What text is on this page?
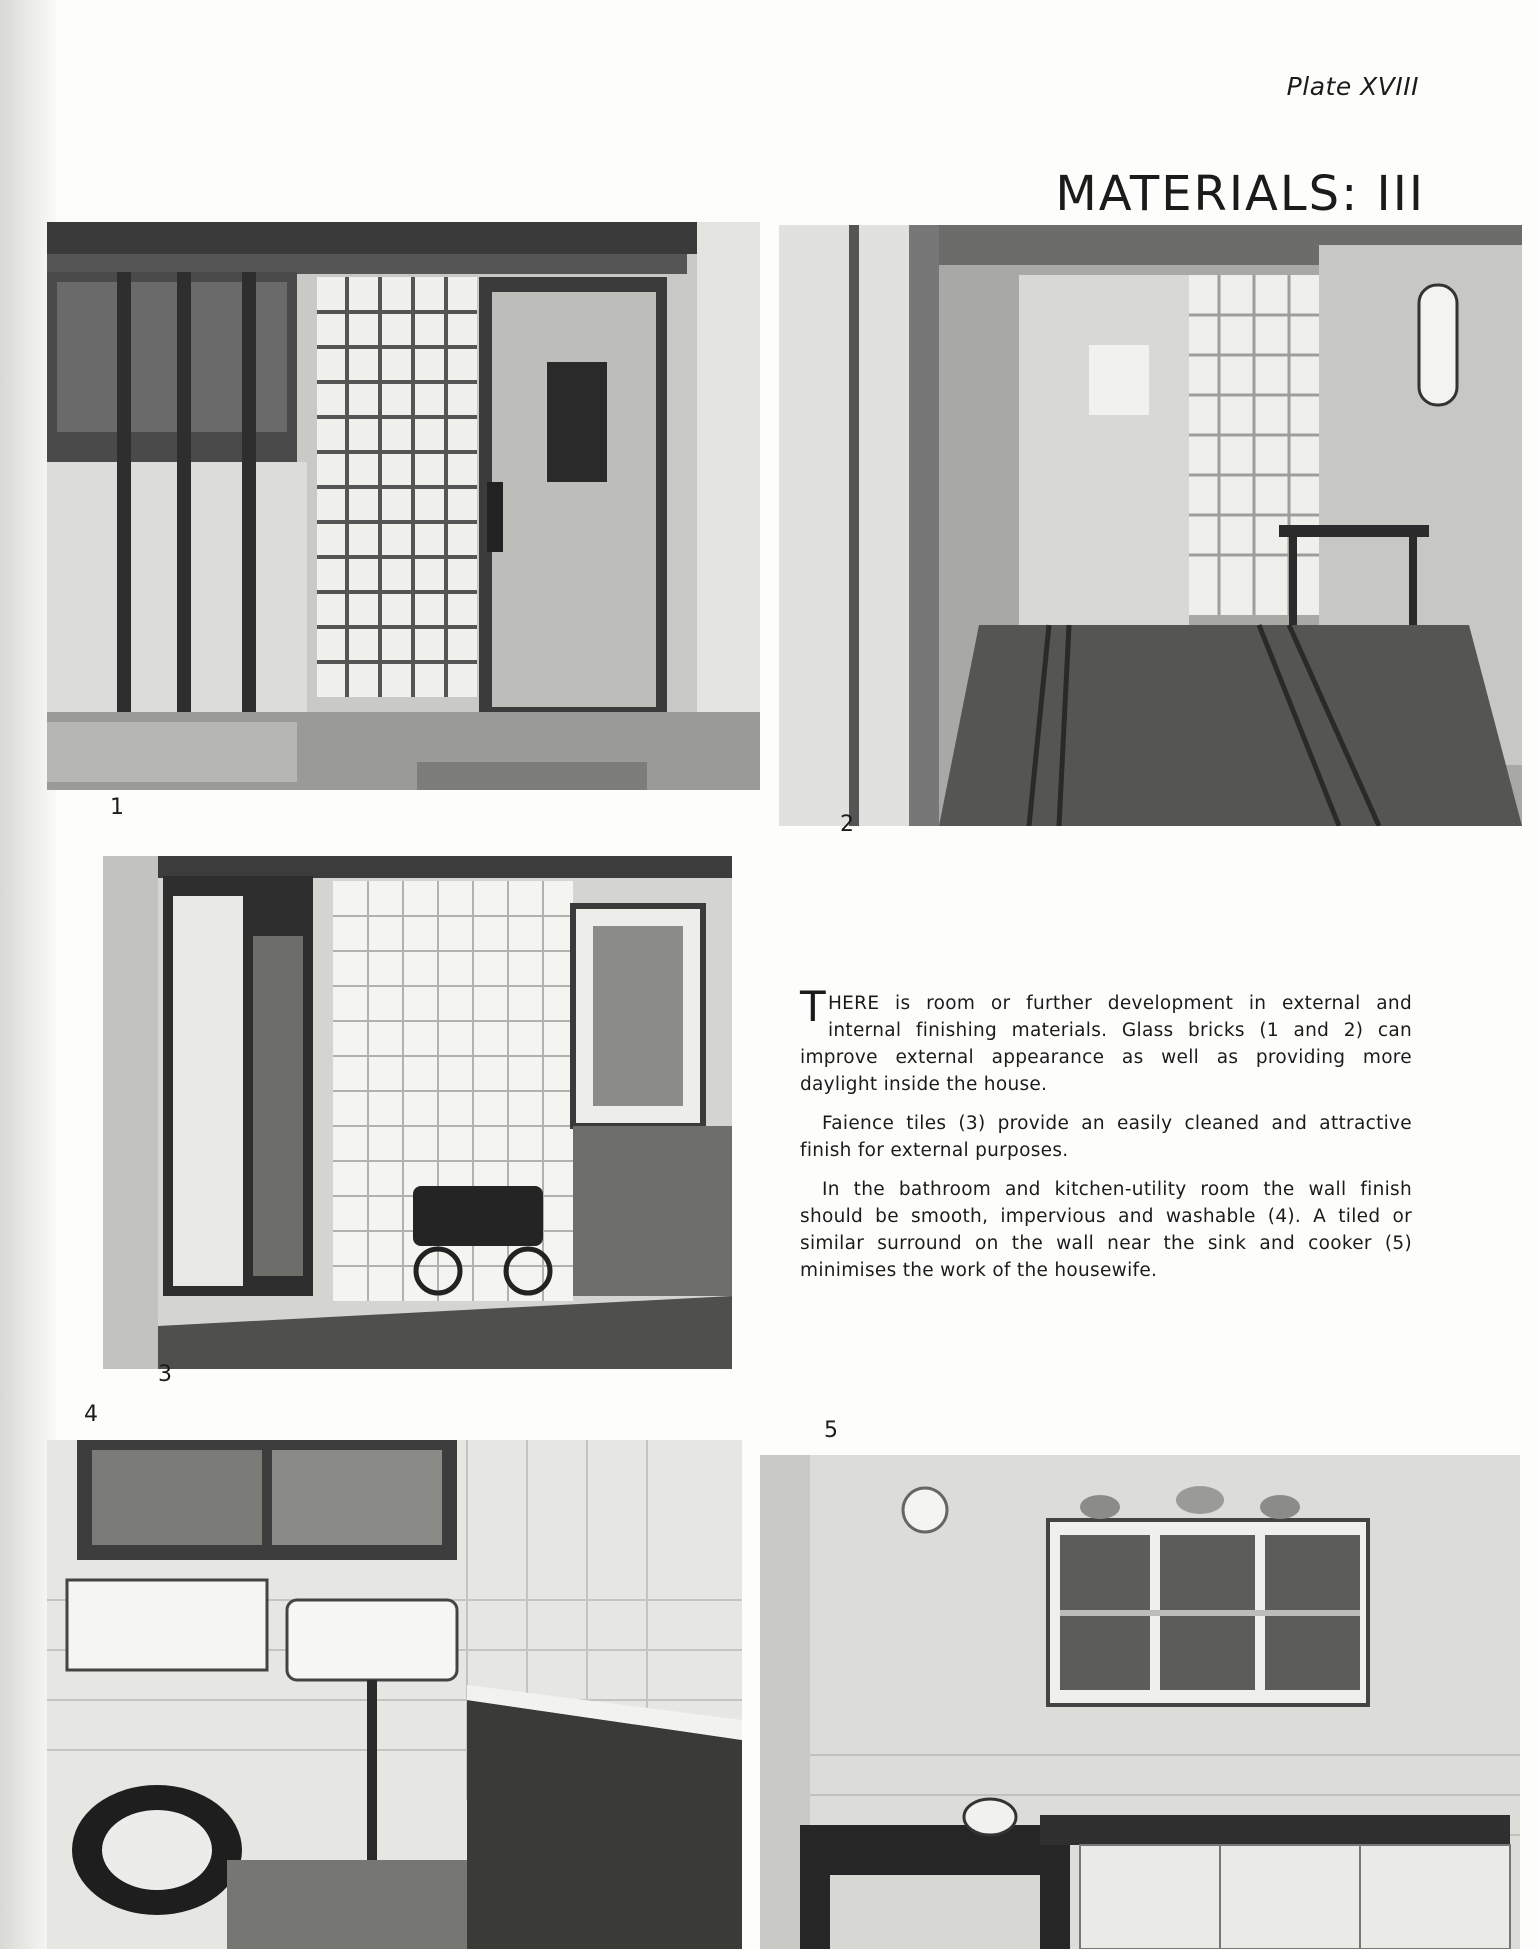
Plate XVIII
MATERIALS: III
1
2
3

THERE is room or further development in external and internal finishing materials. Glass bricks (1 and 2) can improve external appearance as well as providing more daylight inside the house.

Faience tiles (3) provide an easily cleaned and attractive finish for external purposes.

In the bathroom and kitchen-utility room the wall finish should be smooth, impervious and washable (4). A tiled or similar surround on the wall near the sink and cooker (5) minimises the work of the housewife.

4
5
